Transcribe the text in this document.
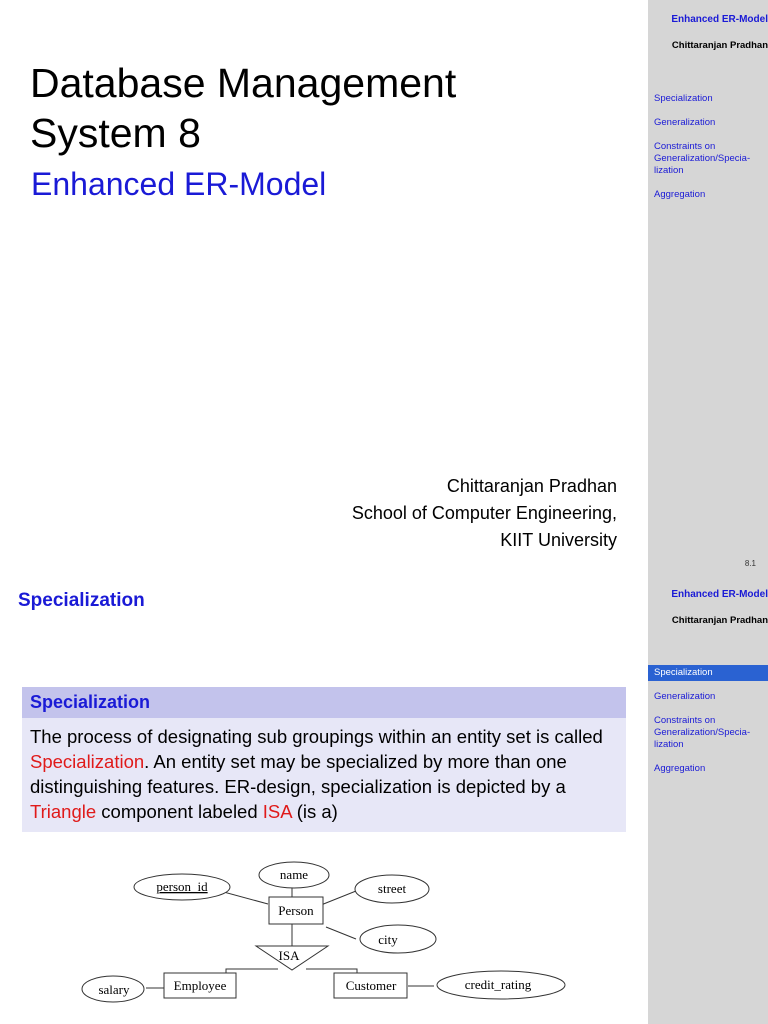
Database Management
System 8
Enhanced ER-Model
Chittaranjan Pradhan
School of Computer Engineering,
KIIT University
Enhanced ER-Model
Chittaranjan Pradhan
Specialization
Generalization
Constraints on
Generalization/Specia-
lization
Aggregation
8.1
Specialization
Specialization
The process of designating sub groupings within an entity set is called Specialization. An entity set may be specialized by more than one distinguishing features. ER-design, specialization is depicted by a Triangle component labeled ISA (is a)
person_id
name
street
Person
city
ISA
Employee	Customer
salary	credit_rating
Enhanced ER-Model
Chittaranjan Pradhan
Specialization
Generalization
Constraints on
Generalization/Specia-
lization
Aggregation
